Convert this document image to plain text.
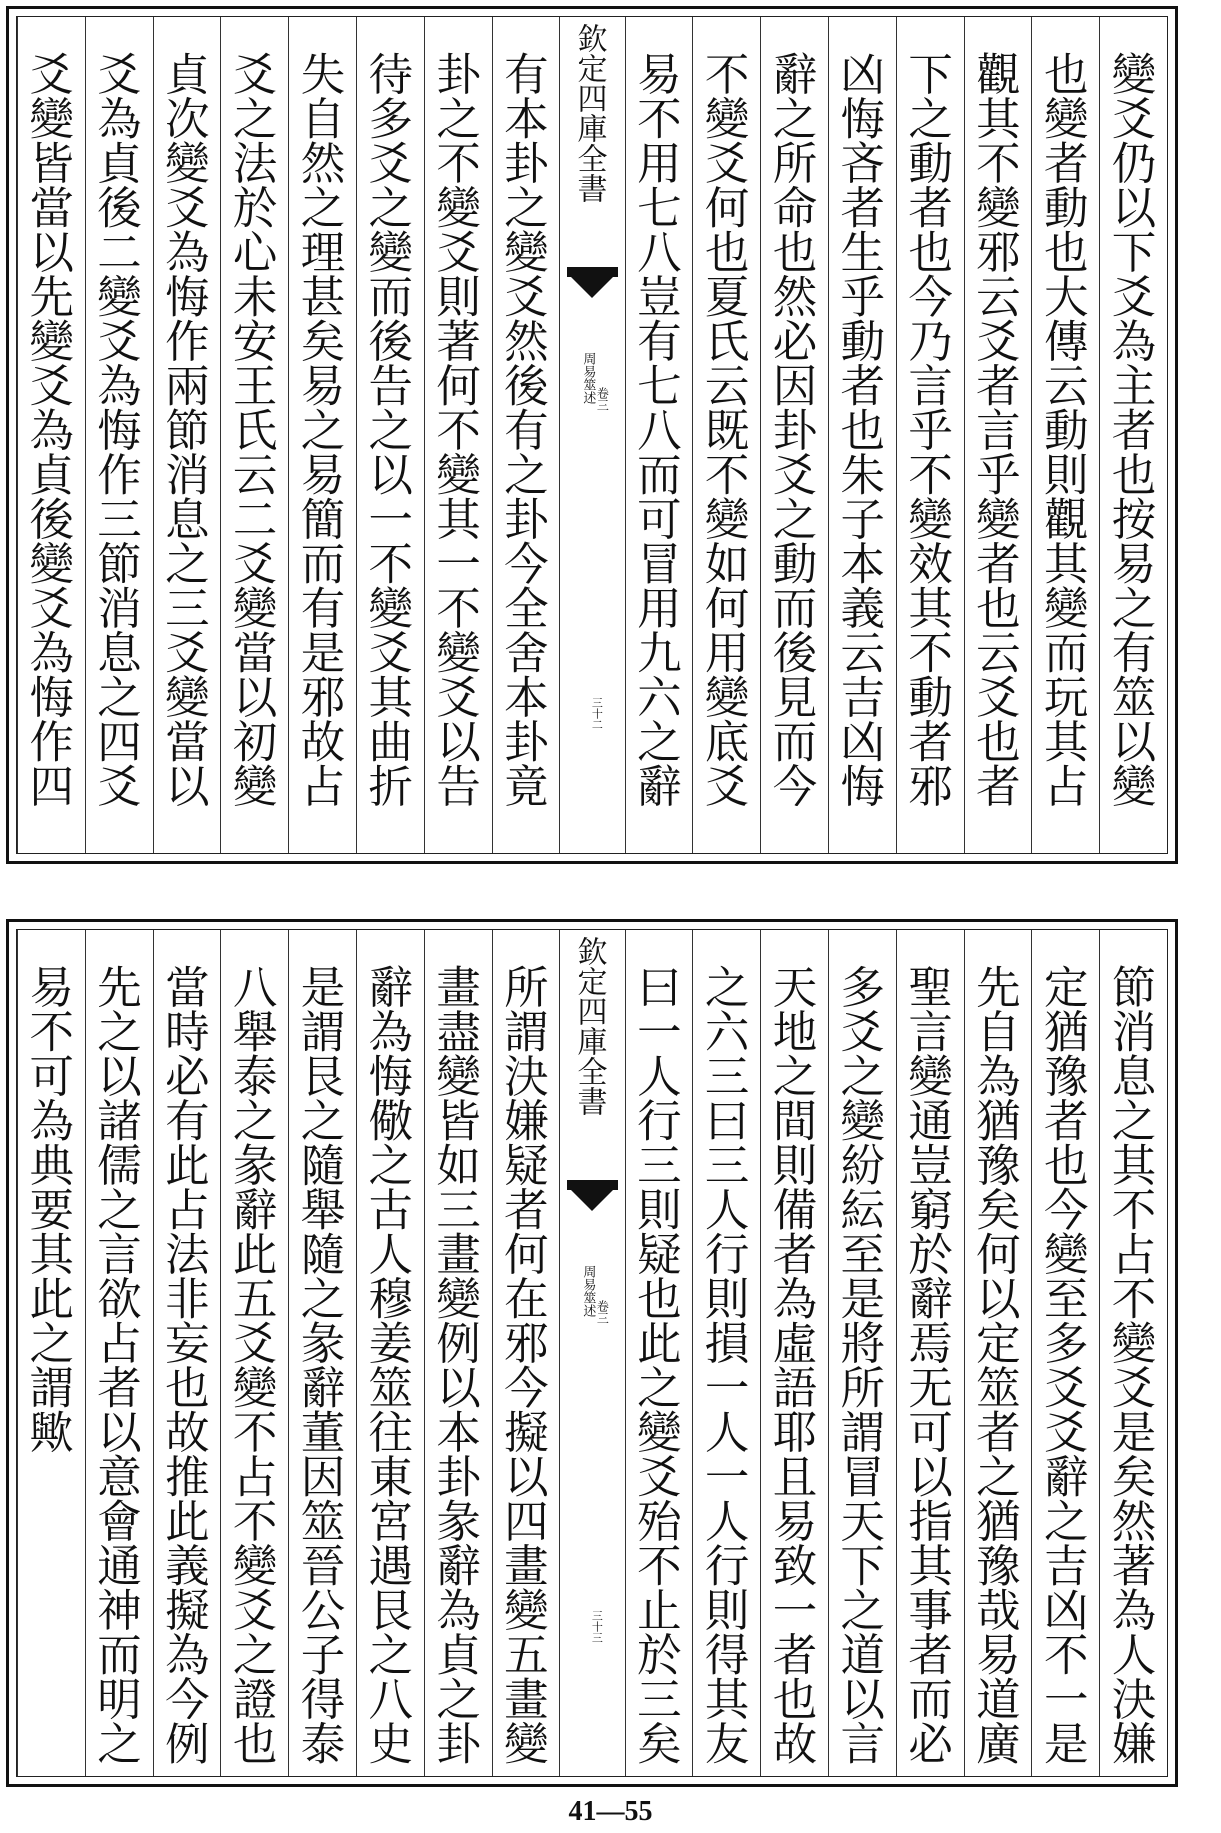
變爻仍以下爻為主者也按易之有筮以變
也變者動也大傳云動則觀其變而玩其占
觀其不變邪云爻者言乎變者也云爻也者
下之動者也今乃言乎不變效其不動者邪
凶悔吝者生乎動者也朱子本義云吉凶悔
辭之所命也然必因卦爻之動而後見而今
不變爻何也夏氏云既不變如何用變底爻
易不用七八豈有七八而可冒用九六之辭
欽定四庫全書
周易筮述 卷三
三十二
有本卦之變爻然後有之卦今全舍本卦竟
卦之不變爻則著何不變其一不變爻以告
待多爻之變而後告之以一不變爻其曲折
失自然之理甚矣易之易簡而有是邪故占
爻之法於心未安王氏云二爻變當以初變
貞次變爻為悔作兩節消息之三爻變當以
爻為貞後二變爻為悔作三節消息之四爻
爻變皆當以先變爻為貞後變爻為悔作四
節消息之其不占不變爻是矣然著為人決嫌
定猶豫者也今變至多爻爻辭之吉凶不一是
先自為猶豫矣何以定筮者之猶豫哉易道廣
聖言變通豈窮於辭焉无可以指其事者而必
多爻之變紛紜至是將所謂冒天下之道以言
天地之間則備者為虛語耶且易致一者也故
之六三曰三人行則損一人一人行則得其友
曰一人行三則疑也此之變爻殆不止於三矣
欽定四庫全書
周易筮述 卷三
三十三
所謂決嫌疑者何在邪今擬以四畫變五畫變
畫盡變皆如三畫變例以本卦彖辭為貞之卦
辭為悔儆之古人穆姜筮往東宮遇艮之八史
是謂艮之隨舉隨之彖辭董因筮晉公子得泰
八舉泰之彖辭此五爻變不占不變爻之證也
當時必有此占法非妄也故推此義擬為今例
先之以諸儒之言欲占者以意會通神而明之
易不可為典要其此之謂歟
41—55
